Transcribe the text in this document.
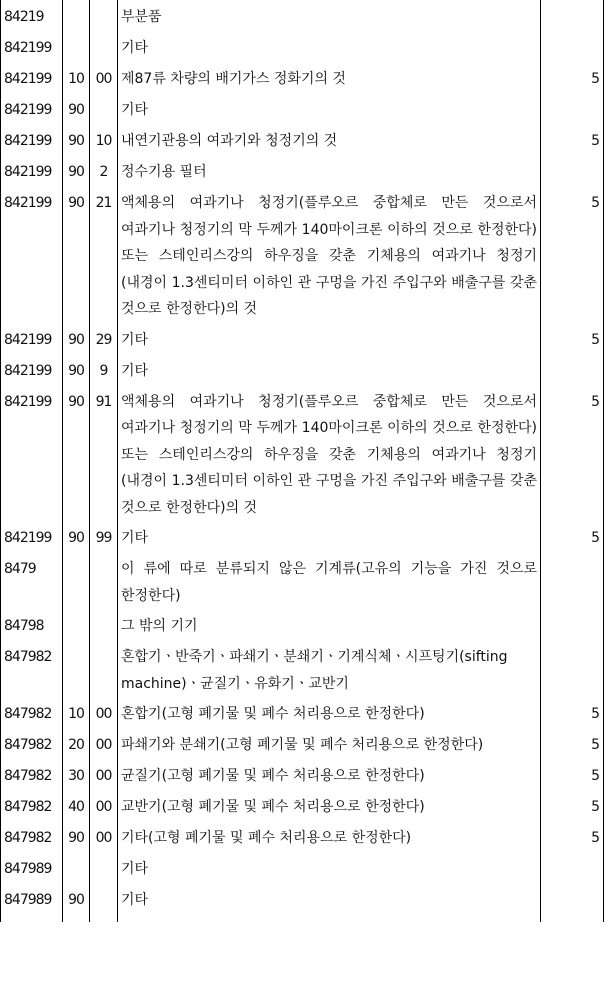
84219			부분품	
842199			기타	
842199	10	00	제87류 차량의 배기가스 정화기의 것	5
842199	90		기타	
842199	90	10	내연기관용의 여과기와 청정기의 것	5
842199	90	2	정수기용 필터	
842199	90	21	액체용의 여과기나 청정기(플루오르 중합체로 만든 것으로서 여과기나 청정기의 막 두께가 140마이크론 이하의 것으로 한정한다) 또는 스테인리스강의 하우징을 갖춘 기체용의 여과기나 청정기(내경이 1.3센티미터 이하인 관 구멍을 가진 주입구와 배출구를 갖춘 것으로 한정한다)의 것	5
842199	90	29	기타	5
842199	90	9	기타	
842199	90	91	액체용의 여과기나 청정기(플루오르 중합체로 만든 것으로서 여과기나 청정기의 막 두께가 140마이크론 이하의 것으로 한정한다) 또는 스테인리스강의 하우징을 갖춘 기체용의 여과기나 청정기(내경이 1.3센티미터 이하인 관 구멍을 가진 주입구와 배출구를 갖춘 것으로 한정한다)의 것	5
842199	90	99	기타	5
8479			이 류에 따로 분류되지 않은 기계류(고유의 기능을 가진 것으로 한정한다)	
84798			그 밖의 기기	
847982			혼합기ㆍ반죽기ㆍ파쇄기ㆍ분쇄기ㆍ기계식체ㆍ시프팅기(sifting machine)ㆍ균질기ㆍ유화기ㆍ교반기	
847982	10	00	혼합기(고형 폐기물 및 폐수 처리용으로 한정한다)	5
847982	20	00	파쇄기와 분쇄기(고형 폐기물 및 폐수 처리용으로 한정한다)	5
847982	30	00	균질기(고형 폐기물 및 폐수 처리용으로 한정한다)	5
847982	40	00	교반기(고형 폐기물 및 폐수 처리용으로 한정한다)	5
847982	90	00	기타(고형 폐기물 및 폐수 처리용으로 한정한다)	5
847989			기타	
847989	90		기타	
